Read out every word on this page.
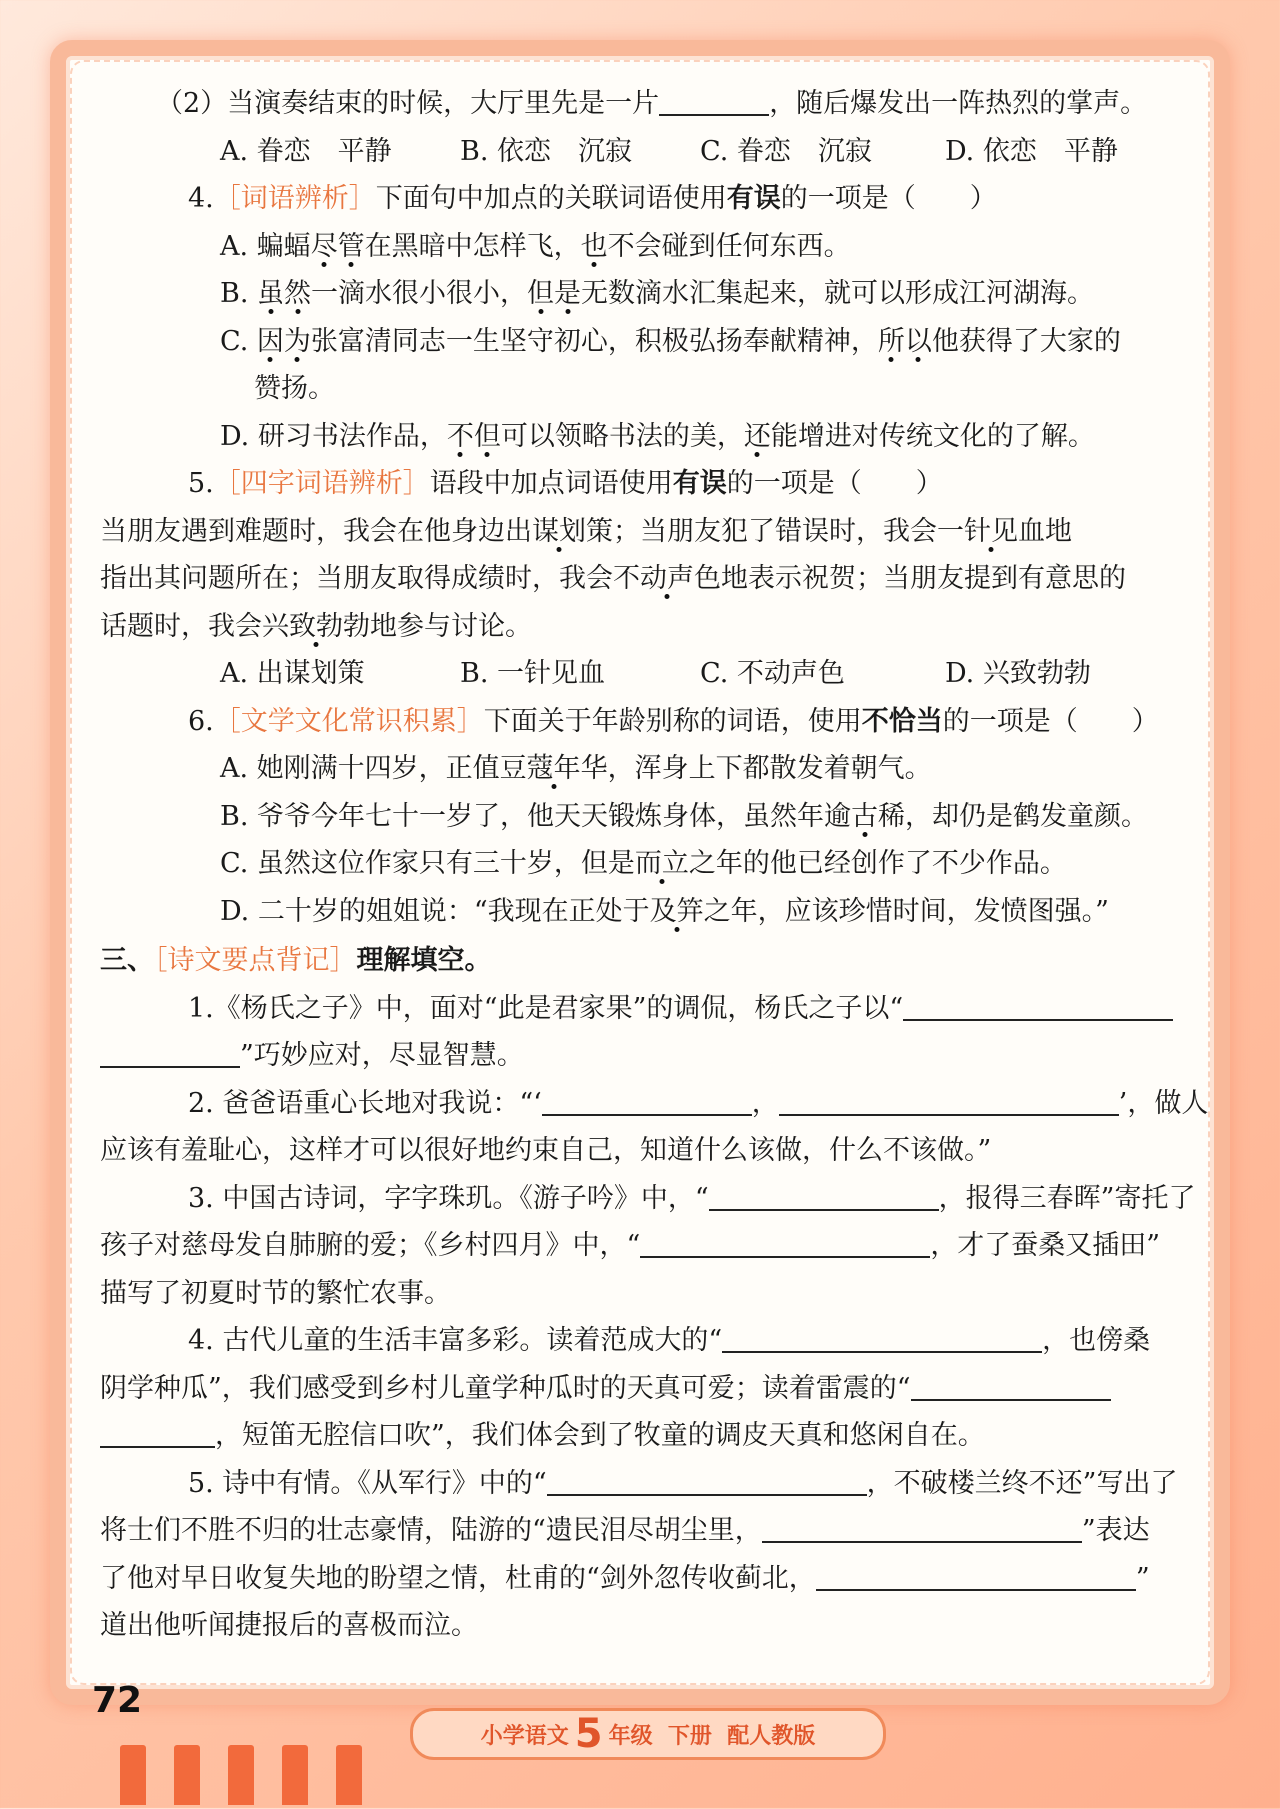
（2）当演奏结束的时候，大厅里先是一片	，随后爆发出一阵热烈的掌声。
A. 眷恋　平静	B. 依恋　沉寂	C. 眷恋　沉寂	D. 依恋　平静
4.［词语辨析］下面句中加点的关联词语使用有误的一项是（　　）
A. 蝙蝠尽管在黑暗中怎样飞，也不会碰到任何东西。
B. 虽然一滴水很小很小，但是无数滴水汇集起来，就可以形成江河湖海。
C. 因为张富清同志一生坚守初心，积极弘扬奉献精神，所以他获得了大家的
赞扬。
D. 研习书法作品，不但可以领略书法的美，还能增进对传统文化的了解。
5.［四字词语辨析］语段中加点词语使用有误的一项是（　　）
当朋友遇到难题时，我会在他身边出谋划策；当朋友犯了错误时，我会一针见血地
指出其问题所在；当朋友取得成绩时，我会不动声色地表示祝贺；当朋友提到有意思的
话题时，我会兴致勃勃地参与讨论。
A. 出谋划策	B. 一针见血	C. 不动声色	D. 兴致勃勃
6.［文学文化常识积累］下面关于年龄别称的词语，使用不恰当的一项是（　　）
A. 她刚满十四岁，正值豆蔻年华，浑身上下都散发着朝气。
B. 爷爷今年七十一岁了，他天天锻炼身体，虽然年逾古稀，却仍是鹤发童颜。
C. 虽然这位作家只有三十岁，但是而立之年的他已经创作了不少作品。
D. 二十岁的姐姐说：“我现在正处于及笄之年，应该珍惜时间，发愤图强。”
三、［诗文要点背记］理解填空。
1.《杨氏之子》中，面对“此是君家果”的调侃，杨氏之子以“
”巧妙应对，尽显智慧。
2. 爸爸语重心长地对我说：“‘	，	’，做人
应该有羞耻心，这样才可以很好地约束自己，知道什么该做，什么不该做。”
3. 中国古诗词，字字珠玑。《游子吟》中，“	，报得三春晖”寄托了
孩子对慈母发自肺腑的爱；《乡村四月》中，“	，才了蚕桑又插田”
描写了初夏时节的繁忙农事。
4. 古代儿童的生活丰富多彩。读着范成大的“	，也傍桑
阴学种瓜”，我们感受到乡村儿童学种瓜时的天真可爱；读着雷震的“
，短笛无腔信口吹”，我们体会到了牧童的调皮天真和悠闲自在。
5. 诗中有情。《从军行》中的“	，不破楼兰终不还”写出了
将士们不胜不归的壮志豪情，陆游的“遗民泪尽胡尘里，	”表达
了他对早日收复失地的盼望之情，杜甫的“剑外忽传收蓟北，	”
道出他听闻捷报后的喜极而泣。
72
小学语文 5 年级 下册 配人教版
